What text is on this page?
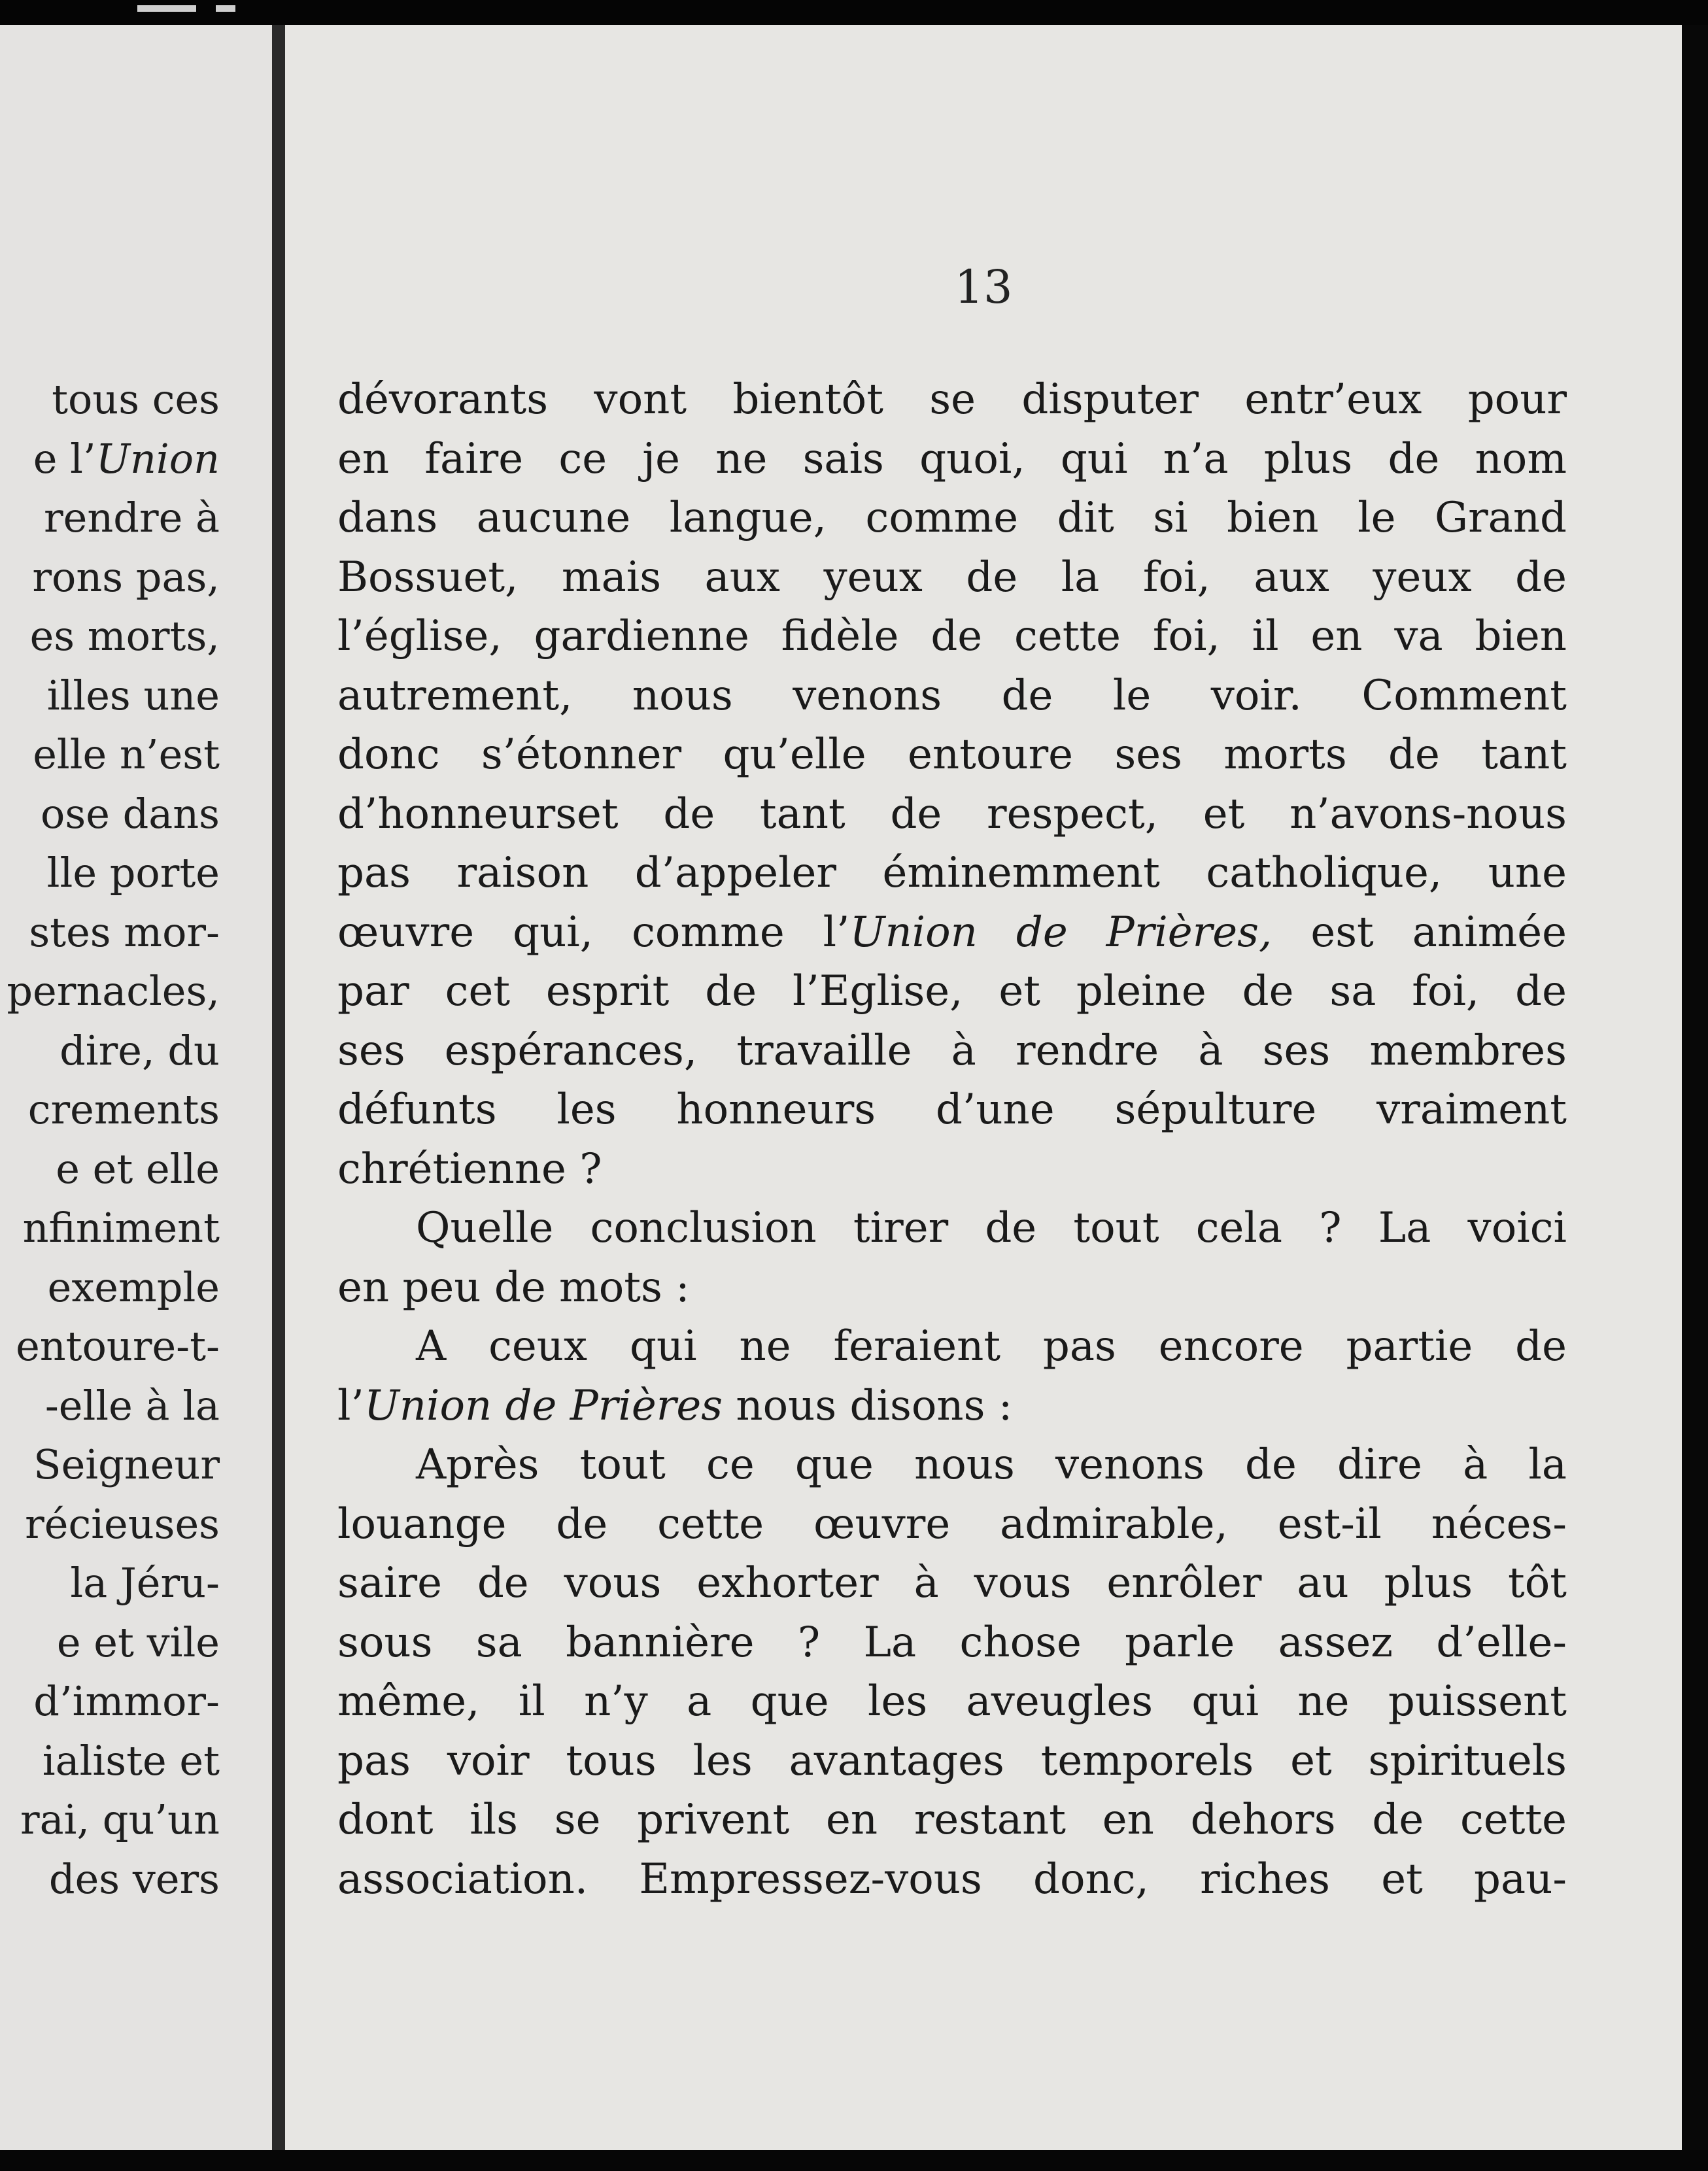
tous ces
e l’Union
rendre à
rons pas,
es morts,
illes une
elle n’est
ose dans
lle porte
stes mor-
pernacles,
dire, du
crements
e et elle
nfiniment
exemple
entoure-t-
-elle à la
Seigneur
récieuses
la Jéru-
e et vile
d’immor-
ialiste et
rai, qu’un
des vers
13
dévorants vont bientôt se disputer entr’eux pour
en faire ce je ne sais quoi, qui n’a plus de nom
dans aucune langue, comme dit si bien le Grand
Bossuet, mais aux yeux de la foi, aux yeux de
l’église, gardienne fidèle de cette foi, il en va bien
autrement, nous venons de le voir. Comment
donc s’étonner qu’elle entoure ses morts de tant
d’honneurset de tant de respect, et n’avons-nous
pas raison d’appeler éminemment catholique, une
œuvre qui, comme l’Union de Prières, est animée
par cet esprit de l’Eglise, et pleine de sa foi, de
ses espérances, travaille à rendre à ses membres
défunts les honneurs d’une sépulture vraiment
chrétienne ?
Quelle conclusion tirer de tout cela ? La voici
en peu de mots :
A ceux qui ne feraient pas encore partie de
l’Union de Prières nous disons :
Après tout ce que nous venons de dire à la
louange de cette œuvre admirable, est-il néces-
saire de vous exhorter à vous enrôler au plus tôt
sous sa bannière ? La chose parle assez d’elle-
même, il n’y a que les aveugles qui ne puissent
pas voir tous les avantages temporels et spirituels
dont ils se privent en restant en dehors de cette
association. Empressez-vous donc, riches et pau-
